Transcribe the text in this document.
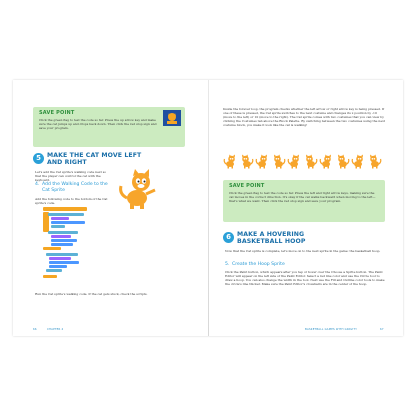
SAVE POINT

Click the green flag to test the code so far. Press the up arrow key and make sure the cat jumps up and drops back down. Then click the red stop sign and save your program.

5 MAKE THE CAT MOVE LEFT
AND RIGHT

Let's add the Cat sprite's walking code next so that the player can control the cat with the keyboard.

4. Add the Walking Code to the
Cat Sprite

Add the following code to the bottom of the Cat sprite's code.

Run the Cat sprite's walking code. If the cat gets stuck, check the scripts.

66	CHAPTER 4

Inside the forever loop, the program checks whether the left arrow or right arrow key is being pressed. If one of these is pressed, the Cat sprite switches to the next costume and changes its x position by -10 (move to the left) or 10 (move to the right). The Cat sprite comes with two costumes that you can view by clicking the Costumes tab above the Block Palette. By switching between the two costumes using the next costume block, you make it look like the cat is walking!

SAVE POINT

Click the green flag to test the code so far. Press the left and right arrow keys, making sure the cat moves in the correct direction. It's okay if the cat walks backward when moving to the left—that's what we want. Then click the red stop sign and save your program.

6 MAKE A HOVERING
BASKETBALL HOOP

Now that the Cat sprite is complete, let's move on to the next sprite in the game: the basketball hoop.

5. Create the Hoop Sprite

Click the Paint button, which appears after you tap or hover over the Choose a Sprite button. The Paint Editor will appear on the left side of the Paint Editor. Select a red line color and use the Circle tool to draw a hoop. You can also change the width in the tool. Next use the Fill and Outline color tools to make the circle's line thicker. Make sure the Paint Editor's crosshairs are in the center of the hoop.

BASKETBALL GAMES WITH GRAVITY	67
